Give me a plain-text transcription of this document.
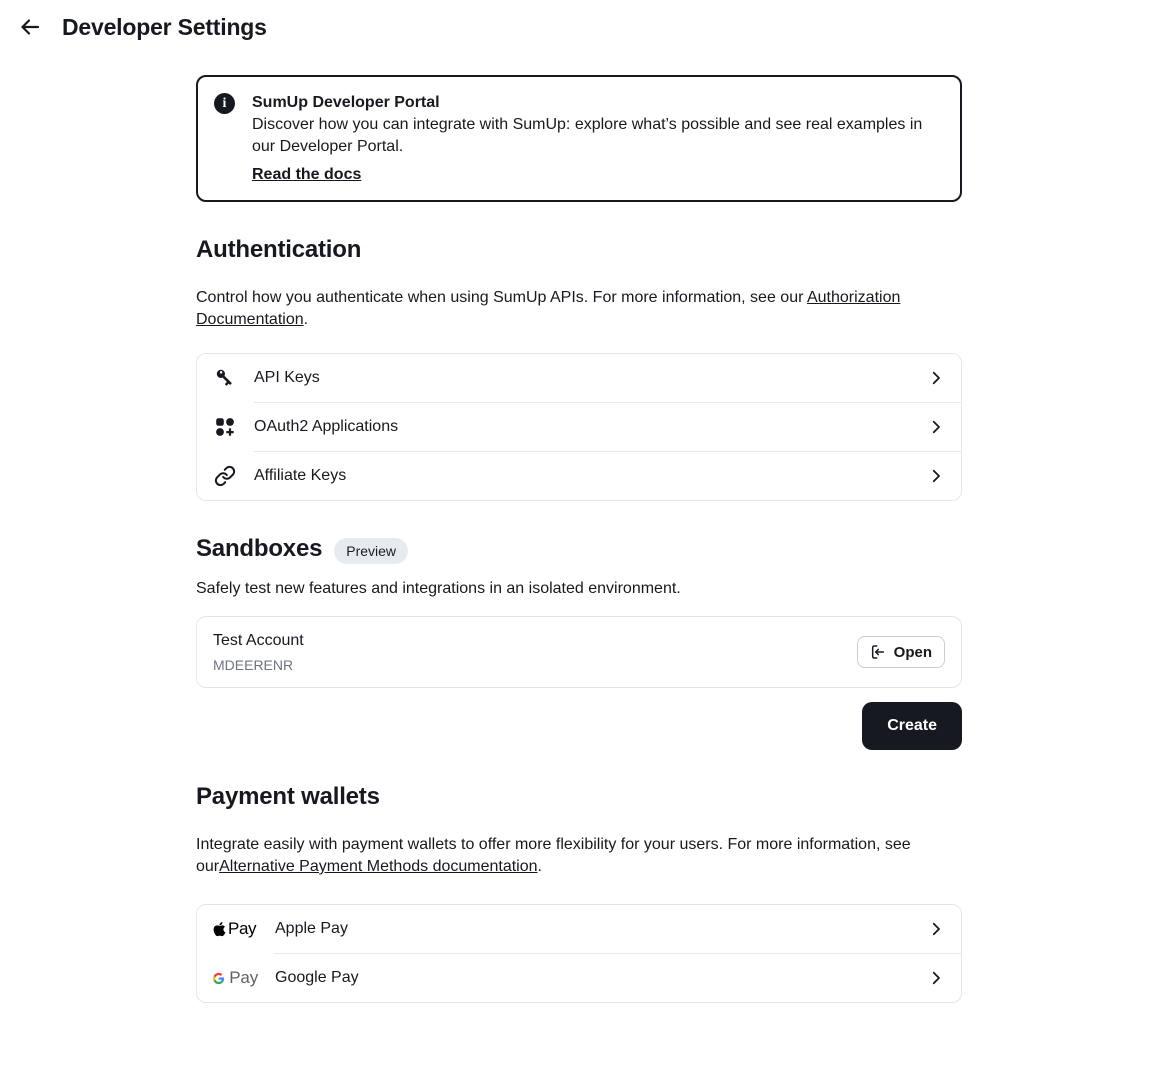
Developer Settings
i	SumUp Developer Portal

Discover how you can integrate with SumUp: explore what’s possible and see real examples in our Developer Portal.

Read the docs
Authentication

Control how you authenticate when using SumUp APIs. For more information, see our Authorization Documentation.

API Keys
OAuth2 Applications
Affiliate Keys
Sandboxes	Preview

Safely test new features and integrations in an isolated environment.

Test Account
MDEERENR
Open
Create
Payment wallets

Integrate easily with payment wallets to offer more flexibility for your users. For more information, see ourAlternative Payment Methods documentation.

Pay Apple Pay
Pay Google Pay
